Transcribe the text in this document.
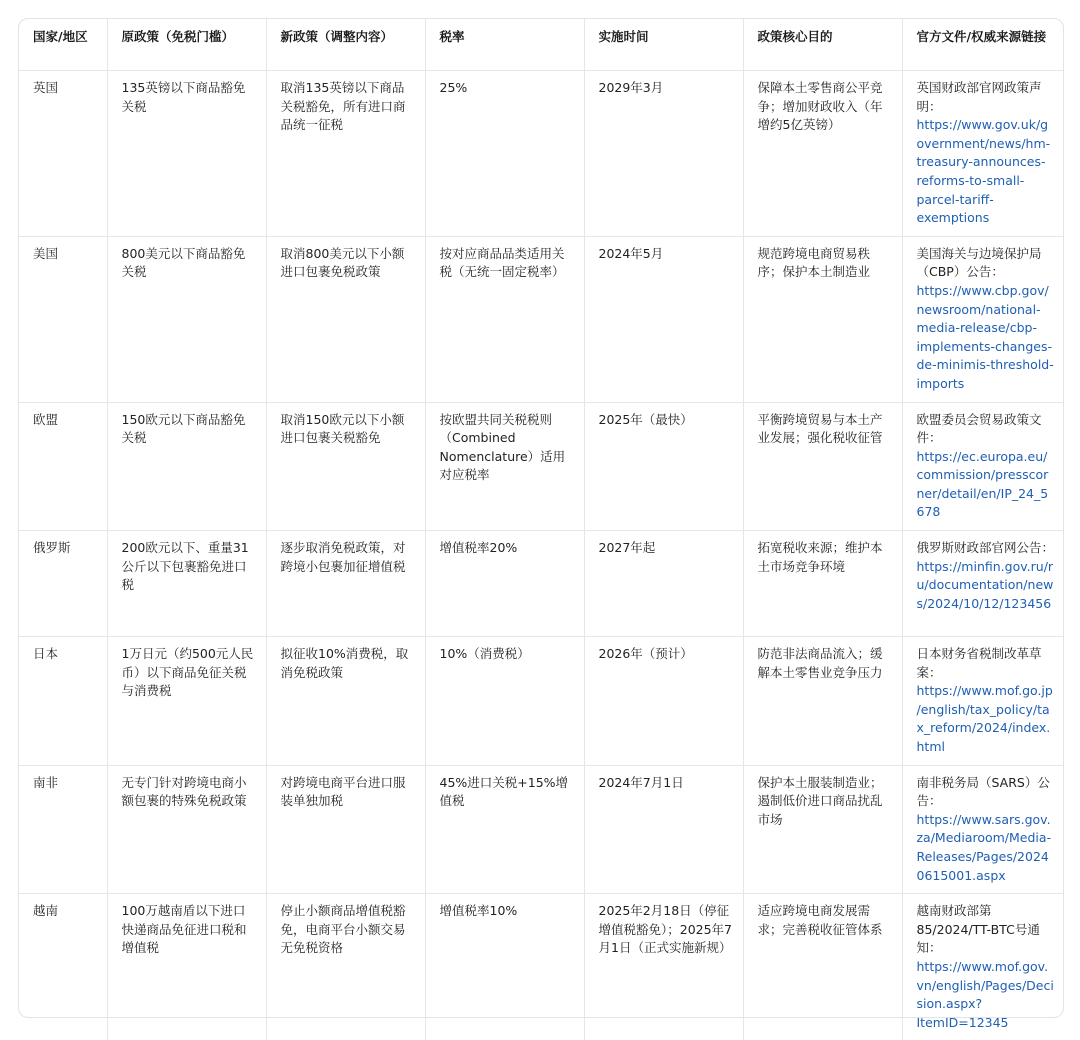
国家/地区	原政策（免税门槛）	新政策（调整内容）	税率	实施时间	政策核心目的	官方文件/权威来源链接
英国	135英镑以下商品豁免关税	取消135英镑以下商品关税豁免，所有进口商品统一征税	25%	2029年3月	保障本土零售商公平竞争；增加财政收入（年增约5亿英镑）	英国财政部官网政策声明： https://www.gov.uk/government/news/hm-treasury-announces-reforms-to-small-parcel-tariff-exemptions
美国	800美元以下商品豁免关税	取消800美元以下小额进口包裹免税政策	按对应商品品类适用关税（无统一固定税率）	2024年5月	规范跨境电商贸易秩序；保护本土制造业	美国海关与边境保护局（CBP）公告： https://www.cbp.gov/newsroom/national-media-release/cbp-implements-changes-de-minimis-threshold-imports
欧盟	150欧元以下商品豁免关税	取消150欧元以下小额进口包裹关税豁免	按欧盟共同关税税则（Combined Nomenclature）适用对应税率	2025年（最快）	平衡跨境贸易与本土产业发展；强化税收征管	欧盟委员会贸易政策文件： https://ec.europa.eu/commission/presscorner/detail/en/IP_24_5678
俄罗斯	200欧元以下、重量31公斤以下包裹豁免进口税	逐步取消免税政策，对跨境小包裹加征增值税	增值税率20%	2027年起	拓宽税收来源；维护本土市场竞争环境	俄罗斯财政部官网公告： https://minfin.gov.ru/ru/documentation/news/2024/10/12/123456
日本	1万日元（约500元人民币）以下商品免征关税与消费税	拟征收10%消费税，取消免税政策	10%（消费税）	2026年（预计）	防范非法商品流入；缓解本土零售业竞争压力	日本财务省税制改革草案： https://www.mof.go.jp/english/tax_policy/tax_reform/2024/index.html
南非	无专门针对跨境电商小额包裹的特殊免税政策	对跨境电商平台进口服装单独加税	45%进口关税+15%增值税	2024年7月1日	保护本土服装制造业；遏制低价进口商品扰乱市场	南非税务局（SARS）公告： https://www.sars.gov.za/Mediaroom/Media-Releases/Pages/20240615001.aspx
越南	100万越南盾以下进口快递商品免征进口税和增值税	停止小额商品增值税豁免，电商平台小额交易无免税资格	增值税率10%	2025年2月18日（停征增值税豁免）；2025年7月1日（正式实施新规）	适应跨境电商发展需求；完善税收征管体系	越南财政部第85/2024/TT-BTC号通知： https://www.mof.gov.vn/english/Pages/Decision.aspx?ItemID=12345
